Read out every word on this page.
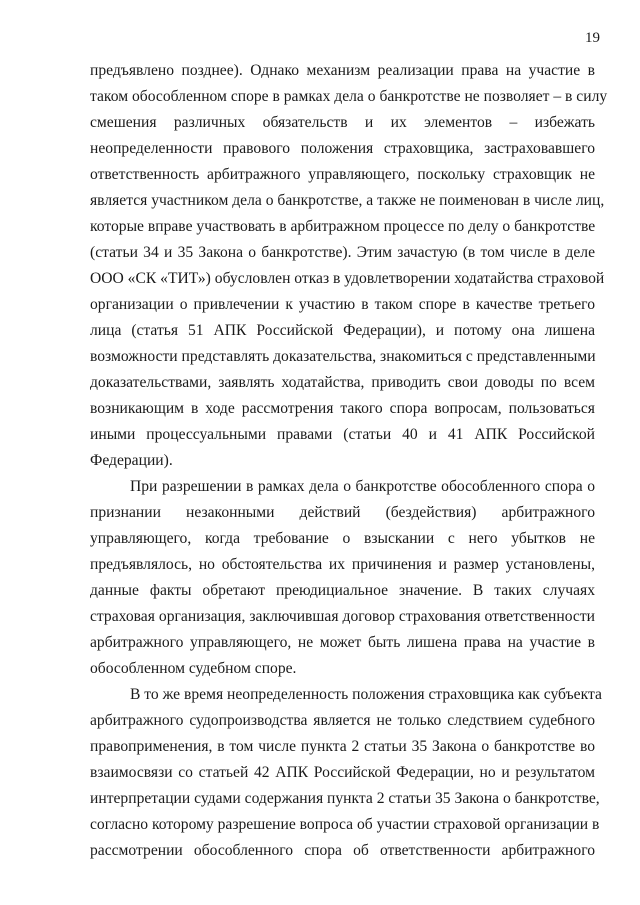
19
предъявлено позднее). Однако механизм реализации права на участие в
таком обособленном споре в рамках дела о банкротстве не позволяет – в силу
смешения различных обязательств и их элементов – избежать
неопределенности правового положения страховщика, застраховавшего
ответственность арбитражного управляющего, поскольку страховщик не
является участником дела о банкротстве, а также не поименован в числе лиц,
которые вправе участвовать в арбитражном процессе по делу о банкротстве
(статьи 34 и 35 Закона о банкротстве). Этим зачастую (в том числе в деле
ООО «СК «ТИТ») обусловлен отказ в удовлетворении ходатайства страховой
организации о привлечении к участию в таком споре в качестве третьего
лица (статья 51 АПК Российской Федерации), и потому она лишена
возможности представлять доказательства, знакомиться с представленными
доказательствами, заявлять ходатайства, приводить свои доводы по всем
возникающим в ходе рассмотрения такого спора вопросам, пользоваться
иными процессуальными правами (статьи 40 и 41 АПК Российской
Федерации).
При разрешении в рамках дела о банкротстве обособленного спора о
признании незаконными действий (бездействия) арбитражного
управляющего, когда требование о взыскании с него убытков не
предъявлялось, но обстоятельства их причинения и размер установлены,
данные факты обретают преюдициальное значение. В таких случаях
страховая организация, заключившая договор страхования ответственности
арбитражного управляющего, не может быть лишена права на участие в
обособленном судебном споре.
В то же время неопределенность положения страховщика как субъекта
арбитражного судопроизводства является не только следствием судебного
правоприменения, в том числе пункта 2 статьи 35 Закона о банкротстве во
взаимосвязи со статьей 42 АПК Российской Федерации, но и результатом
интерпретации судами содержания пункта 2 статьи 35 Закона о банкротстве,
согласно которому разрешение вопроса об участии страховой организации в
рассмотрении обособленного спора об ответственности арбитражного
